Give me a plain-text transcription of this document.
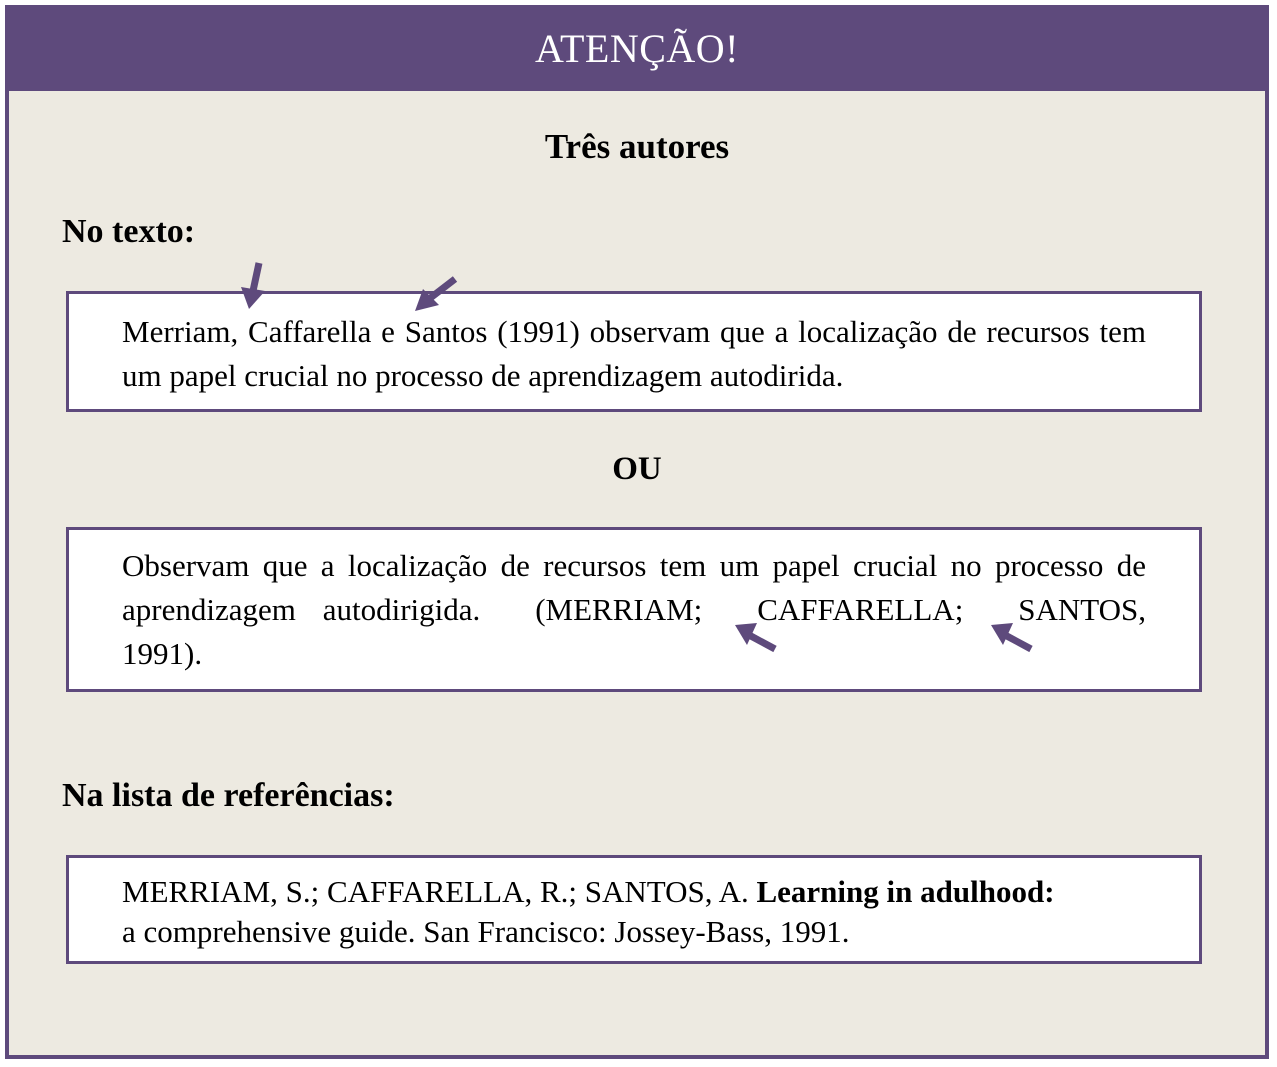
ATENÇÃO!
Três autores
No texto:
Merriam, Caffarella e Santos (1991) observam que a localização de recursos tem um papel crucial no processo de aprendizagem autodirida.
OU
Observam que a localização de recursos tem um papel crucial no processo de aprendizagem autodirigida. (MERRIAM; CAFFARELLA; SANTOS, 1991).
Na lista de referências:
MERRIAM, S.; CAFFARELLA, R.; SANTOS, A. Learning in adulhood:
a comprehensive guide. San Francisco: Jossey-Bass, 1991.
